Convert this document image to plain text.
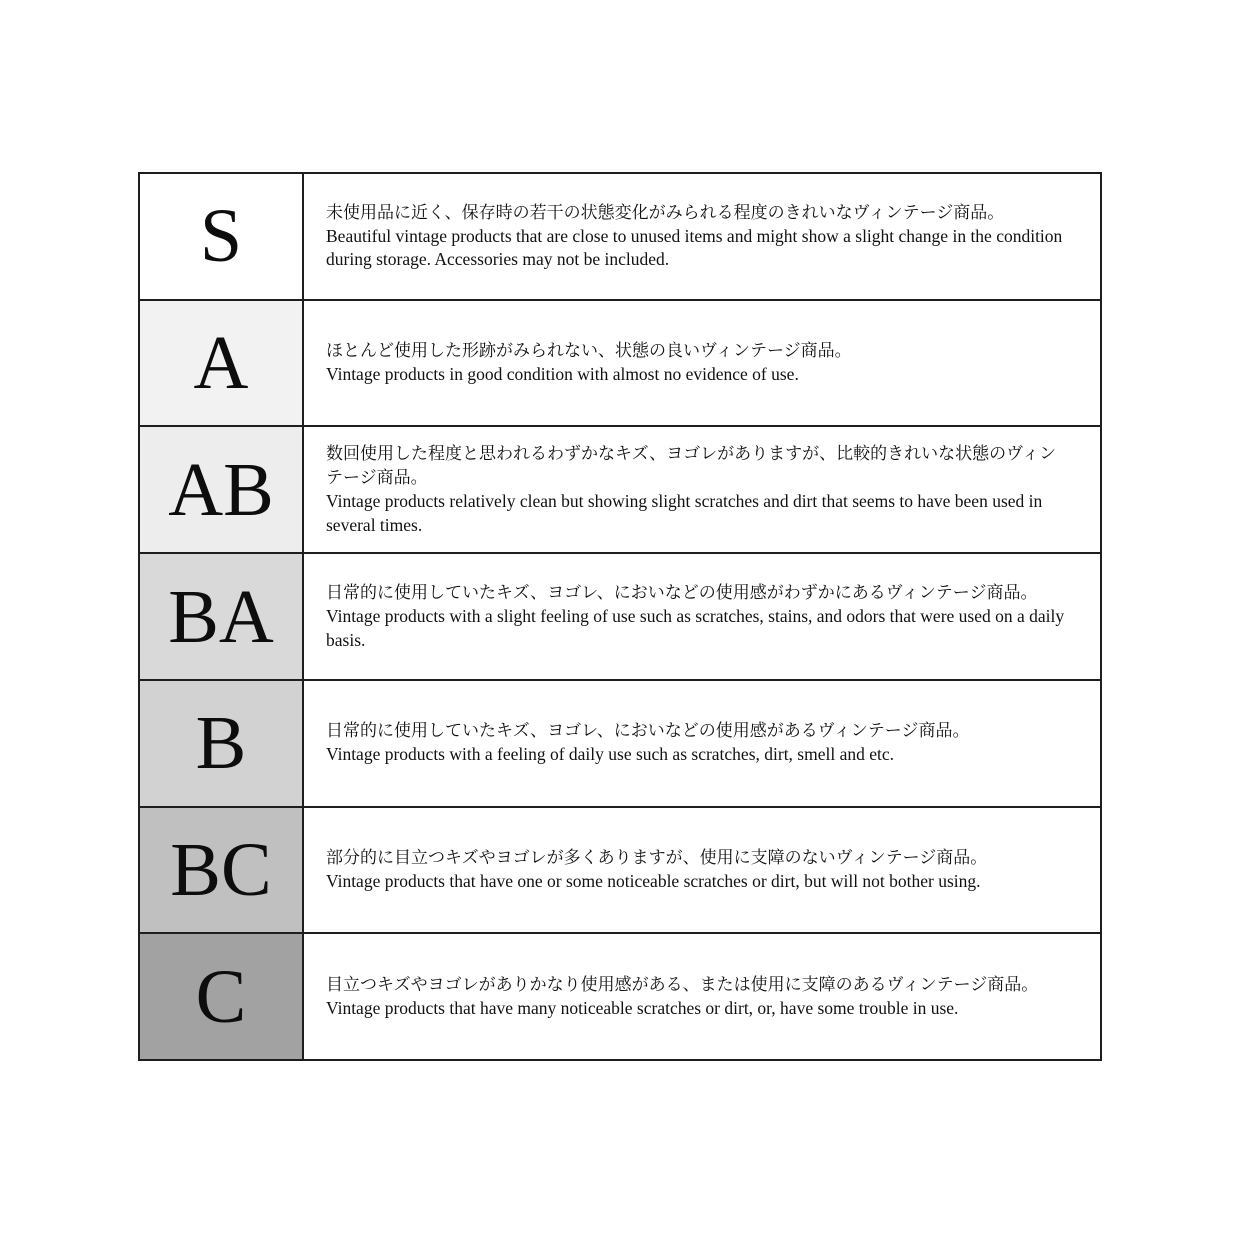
S	未使用品に近く、保存時の若干の状態変化がみられる程度のきれいなヴィンテージ商品。
Beautiful vintage products that are close to unused items and might show a slight change in the condition during storage. Accessories may not be included.
A	ほとんど使用した形跡がみられない、状態の良いヴィンテージ商品。
Vintage products in good condition with almost no evidence of use.
AB	数回使用した程度と思われるわずかなキズ、ヨゴレがありますが、比較的きれいな状態のヴィンテージ商品。
Vintage products relatively clean but showing slight scratches and dirt that seems to have been used in several times.
BA	日常的に使用していたキズ、ヨゴレ、においなどの使用感がわずかにあるヴィンテージ商品。
Vintage products with a slight feeling of use such as scratches, stains, and odors that were used on a daily basis.
B	日常的に使用していたキズ、ヨゴレ、においなどの使用感があるヴィンテージ商品。
Vintage products with a feeling of daily use such as scratches, dirt, smell and etc.
BC	部分的に目立つキズやヨゴレが多くありますが、使用に支障のないヴィンテージ商品。
Vintage products that have one or some noticeable scratches or dirt, but will not bother using.
C	目立つキズやヨゴレがありかなり使用感がある、または使用に支障のあるヴィンテージ商品。
Vintage products that have many noticeable scratches or dirt, or, have some trouble in use.
